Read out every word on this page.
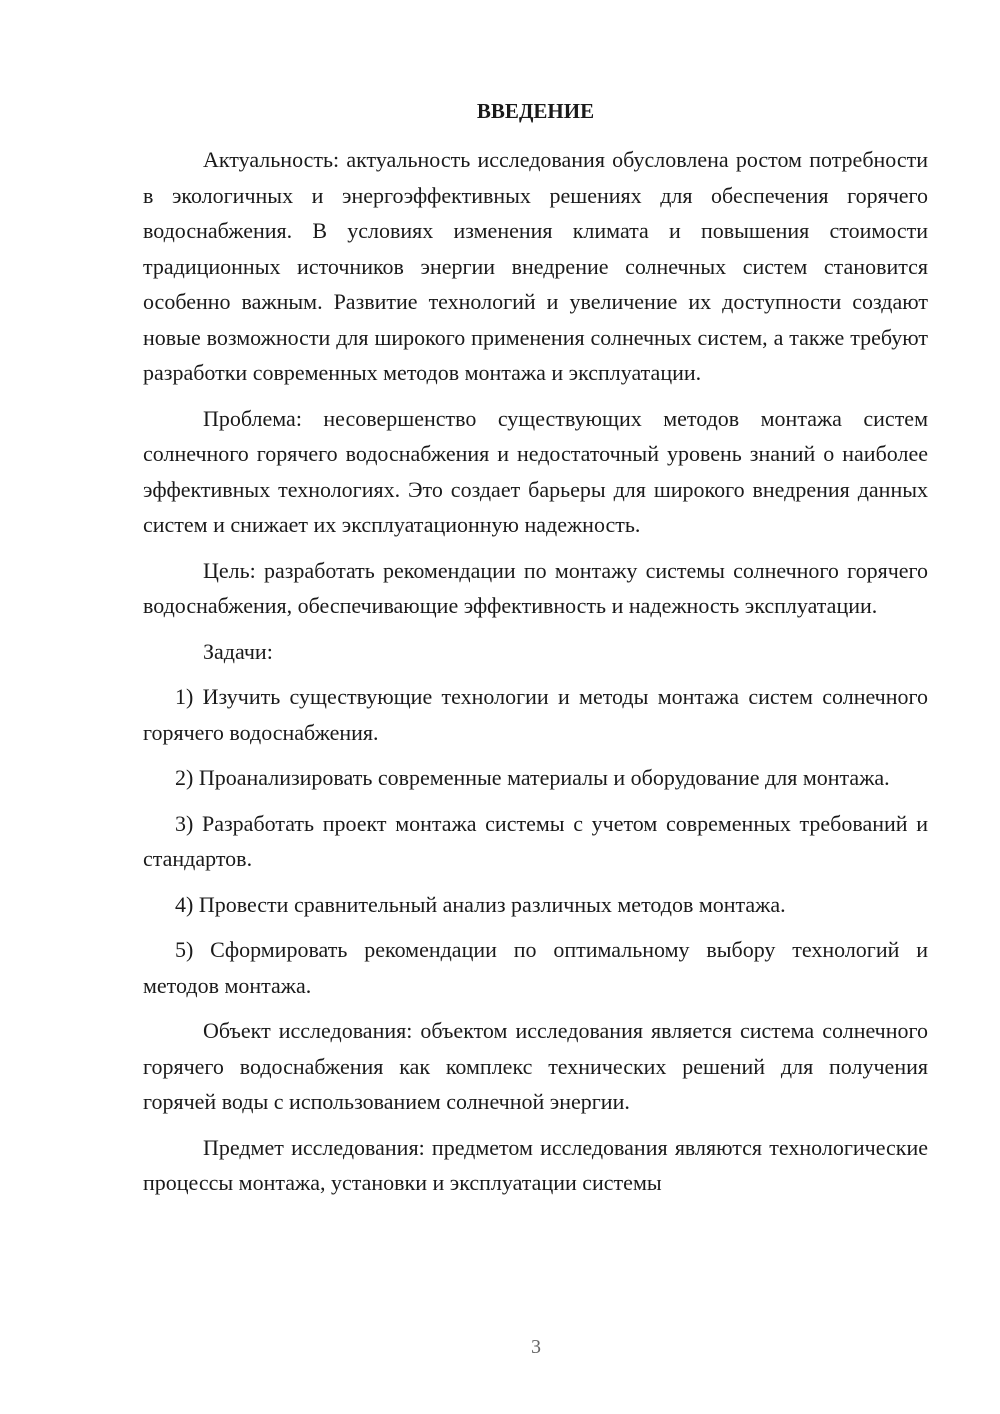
ВВЕДЕНИЕ

Актуальность: актуальность исследования обусловлена ростом потребности в экологичных и энергоэффективных решениях для обеспечения горячего водоснабжения. В условиях изменения климата и повышения стоимости традиционных источников энергии внедрение солнечных систем становится особенно важным. Развитие технологий и увеличение их доступности создают новые возможности для широкого применения солнечных систем, а также требуют разработки современных методов монтажа и эксплуатации.

Проблема: несовершенство существующих методов монтажа систем солнечного горячего водоснабжения и недостаточный уровень знаний о наиболее эффективных технологиях. Это создает барьеры для широкого внедрения данных систем и снижает их эксплуатационную надежность.

Цель: разработать рекомендации по монтажу системы солнечного горячего водоснабжения, обеспечивающие эффективность и надежность эксплуатации.

Задачи:

1) Изучить существующие технологии и методы монтажа систем солнечного горячего водоснабжения.

2) Проанализировать современные материалы и оборудование для монтажа.

3) Разработать проект монтажа системы с учетом современных требований и стандартов.

4) Провести сравнительный анализ различных методов монтажа.

5) Сформировать рекомендации по оптимальному выбору технологий и методов монтажа.

Объект исследования: объектом исследования является система солнечного горячего водоснабжения как комплекс технических решений для получения горячей воды с использованием солнечной энергии.

Предмет исследования: предметом исследования являются технологические процессы монтажа, установки и эксплуатации системы

3
